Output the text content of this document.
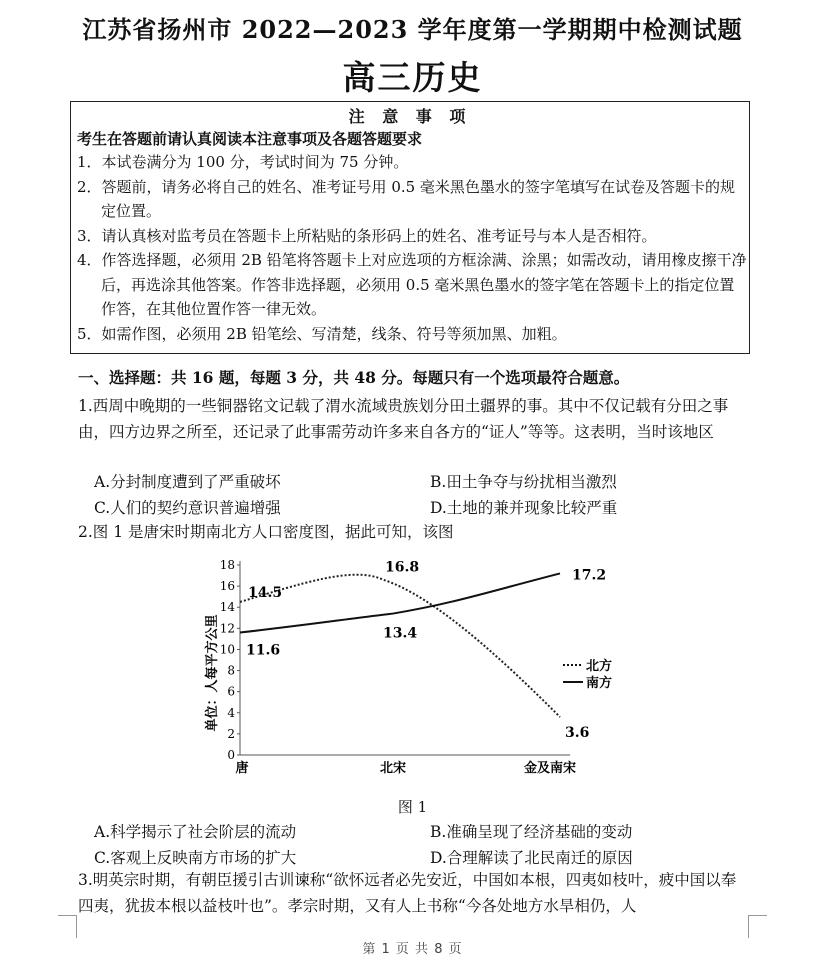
江苏省扬州市 2022—2023 学年度第一学期期中检测试题
高三历史
注 意 事 项
考生在答题前请认真阅读本注意事项及各题答题要求
1．本试卷满分为 100 分，考试时间为 75 分钟。
2．答题前，请务必将自己的姓名、准考证号用 0.5 毫米黑色墨水的签字笔填写在试卷及答题卡的规定位置。
3．请认真核对监考员在答题卡上所粘贴的条形码上的姓名、准考证号与本人是否相符。
4．作答选择题，必须用 2B 铅笔将答题卡上对应选项的方框涂满、涂黑；如需改动，请用橡皮擦干净后，再选涂其他答案。作答非选择题，必须用 0.5 毫米黑色墨水的签字笔在答题卡上的指定位置作答，在其他位置作答一律无效。
5．如需作图，必须用 2B 铅笔绘、写清楚，线条、符号等须加黑、加粗。
一、选择题：共 16 题，每题 3 分，共 48 分。每题只有一个选项最符合题意。
1.西周中晚期的一些铜器铭文记载了渭水流域贵族划分田土疆界的事。其中不仅记载有分田之事由，四方边界之所至，还记录了此事需劳动许多来自各方的“证人”等等。这表明，当时该地区
A.分封制度遭到了严重破坏	B.田土争夺与纷扰相当激烈
C.人们的契约意识普遍增强	D.土地的兼并现象比较严重
2.图 1 是唐宋时期南北方人口密度图，据此可知，该图
0
2
4
6
8
10
12
14
16
18
唐	北宋	金及南宋
14.5
16.8
3.6
11.6
13.4
17.2
北方
南方
单位：人每平方公里
图 1
A.科学揭示了社会阶层的流动	B.准确呈现了经济基础的变动
C.客观上反映南方市场的扩大	D.合理解读了北民南迁的原因
3.明英宗时期，有朝臣援引古训谏称“欲怀远者必先安近，中国如本根，四夷如枝叶，疲中国以奉四夷，犹拔本根以益枝叶也”。孝宗时期，又有人上书称“今各处地方水旱相仍，人
第 1 页 共 8 页
